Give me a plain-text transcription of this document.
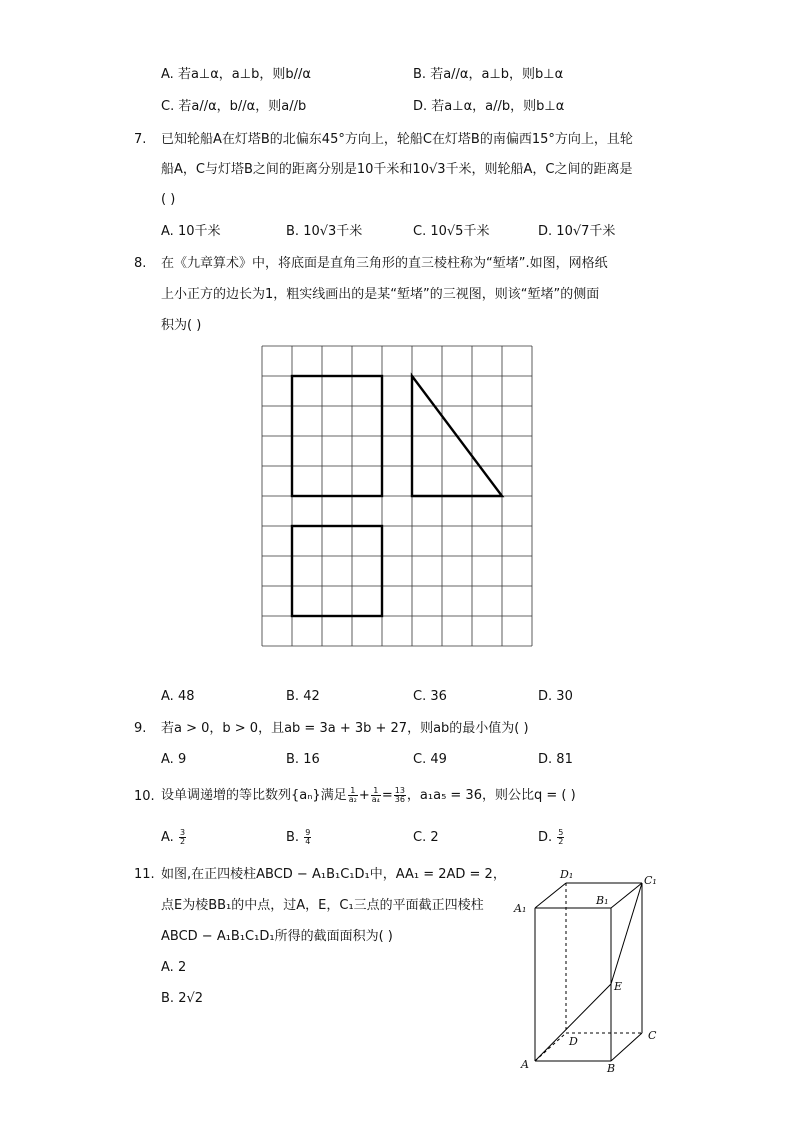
A. 若a⊥α，a⊥b，则b//α	B. 若a//α，a⊥b，则b⊥α
C. 若a//α，b//α，则a//b	D. 若a⊥α，a//b，则b⊥α
7. 已知轮船A在灯塔B的北偏东45°方向上，轮船C在灯塔B的南偏西15°方向上，且轮
船A，C与灯塔B之间的距离分别是10千米和10√3千米，则轮船A，C之间的距离是
( )
A. 10千米	B. 10√3千米	C. 10√5千米	D. 10√7千米
8. 在《九章算术》中，将底面是直角三角形的直三棱柱称为“堑堵”.如图，网格纸
上小正方的边长为1，粗实线画出的是某“堑堵”的三视图，则该“堑堵”的侧面
积为( )
A. 48	B. 42	C. 36	D. 30
9. 若a > 0，b > 0，且ab = 3a + 3b + 27，则ab的最小值为( )
A. 9	B. 16	C. 49	D. 81
10. 设单调递增的等比数列{aₙ}满足 $\frac{1}{\text{a₂}} + \frac{1}{\text{a₄}} = \frac{13}{36}$ ，a₁a₅ = 36，则公比q = ( )
A. $\frac{3}{2}$	B. $\frac{9}{4}$	C. 2	D. $\frac{5}{2}$
11. 如图,在正四棱柱ABCD − A₁B₁C₁D₁中，AA₁ = 2AD = 2，
点E为棱BB₁的中点，过A，E，C₁三点的平面截正四棱柱
ABCD − A₁B₁C₁D₁所得的截面面积为( )
A. 2
B. 2√2
D₁	C₁
B₁
A₁
E
D	C
A	B
